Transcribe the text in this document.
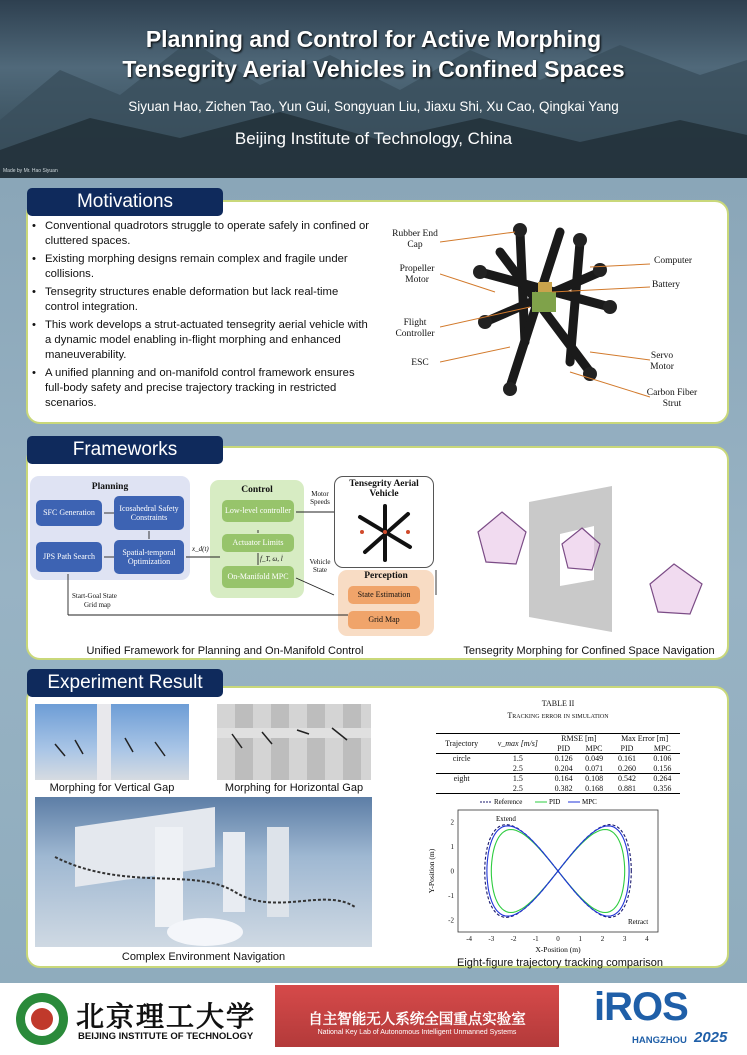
Planning and Control for Active Morphing
Tensegrity Aerial Vehicles in Confined Spaces
Siyuan Hao, Zichen Tao, Yun Gui, Songyuan Liu, Jiaxu Shi, Xu Cao, Qingkai Yang
Beijing Institute of Technology, China
Made by Mr. Hao Siyuan
Motivations
• Conventional quadrotors struggle to operate safely in confined or cluttered spaces.
• Existing morphing designs remain complex and fragile under collisions.
• Tensegrity structures enable deformation but lack real-time control integration.
• This work develops a strut-actuated tensegrity aerial vehicle with a dynamic model enabling in-flight morphing and enhanced maneuverability.
• A unified planning and on-manifold control framework ensures full-body safety and precise trajectory tracking in restricted scenarios.
Rubber End Cap
Propeller Motor
Flight Controller
ESC
Computer
Battery
Servo Motor
Carbon Fiber Strut
Frameworks
Planning
SFC Generation
Icosahedral Safety Constraints
JPS Path Search
Spatial-temporal Optimization
Control
Low-level controller
Actuator Limits
On-Manifold MPC
f_T, ω, l̇
Tensegrity Aerial Vehicle
Perception
State Estimation
Grid Map
Motor Speeds
Vehicle State
x_d(t)
Start-Goal State
Grid map
Unified Framework for Planning and On-Manifold Control	Tensegrity Morphing for Confined Space Navigation
Experiment Result
Morphing for Vertical Gap	Morphing for Horizontal Gap
Complex Environment Navigation
TABLE II
Tracking error in simulation
Trajectory	v_max [m/s]	RMSE [m]		Max Error [m]	
		PID	MPC	PID	MPC
circle	1.5	0.126	0.049	0.161	0.106
	2.5	0.204	0.071	0.260	0.156
eight	1.5	0.164	0.108	0.542	0.264
	2.5	0.382	0.168	0.881	0.356
Reference	PID	MPC
-4 -3 -2 -1	0	1	2	3	4
2
1
0
-1
-2
Extend
Retract
X-Position (m)
Y-Position (m)
Eight-figure trajectory tracking comparison
北京理工大学
BEIJING INSTITUTE OF TECHNOLOGY
自主智能无人系统全国重点实验室
National Key Lab of Autonomous Intelligent Unmanned Systems
iROS
HANGZHOU 2025
